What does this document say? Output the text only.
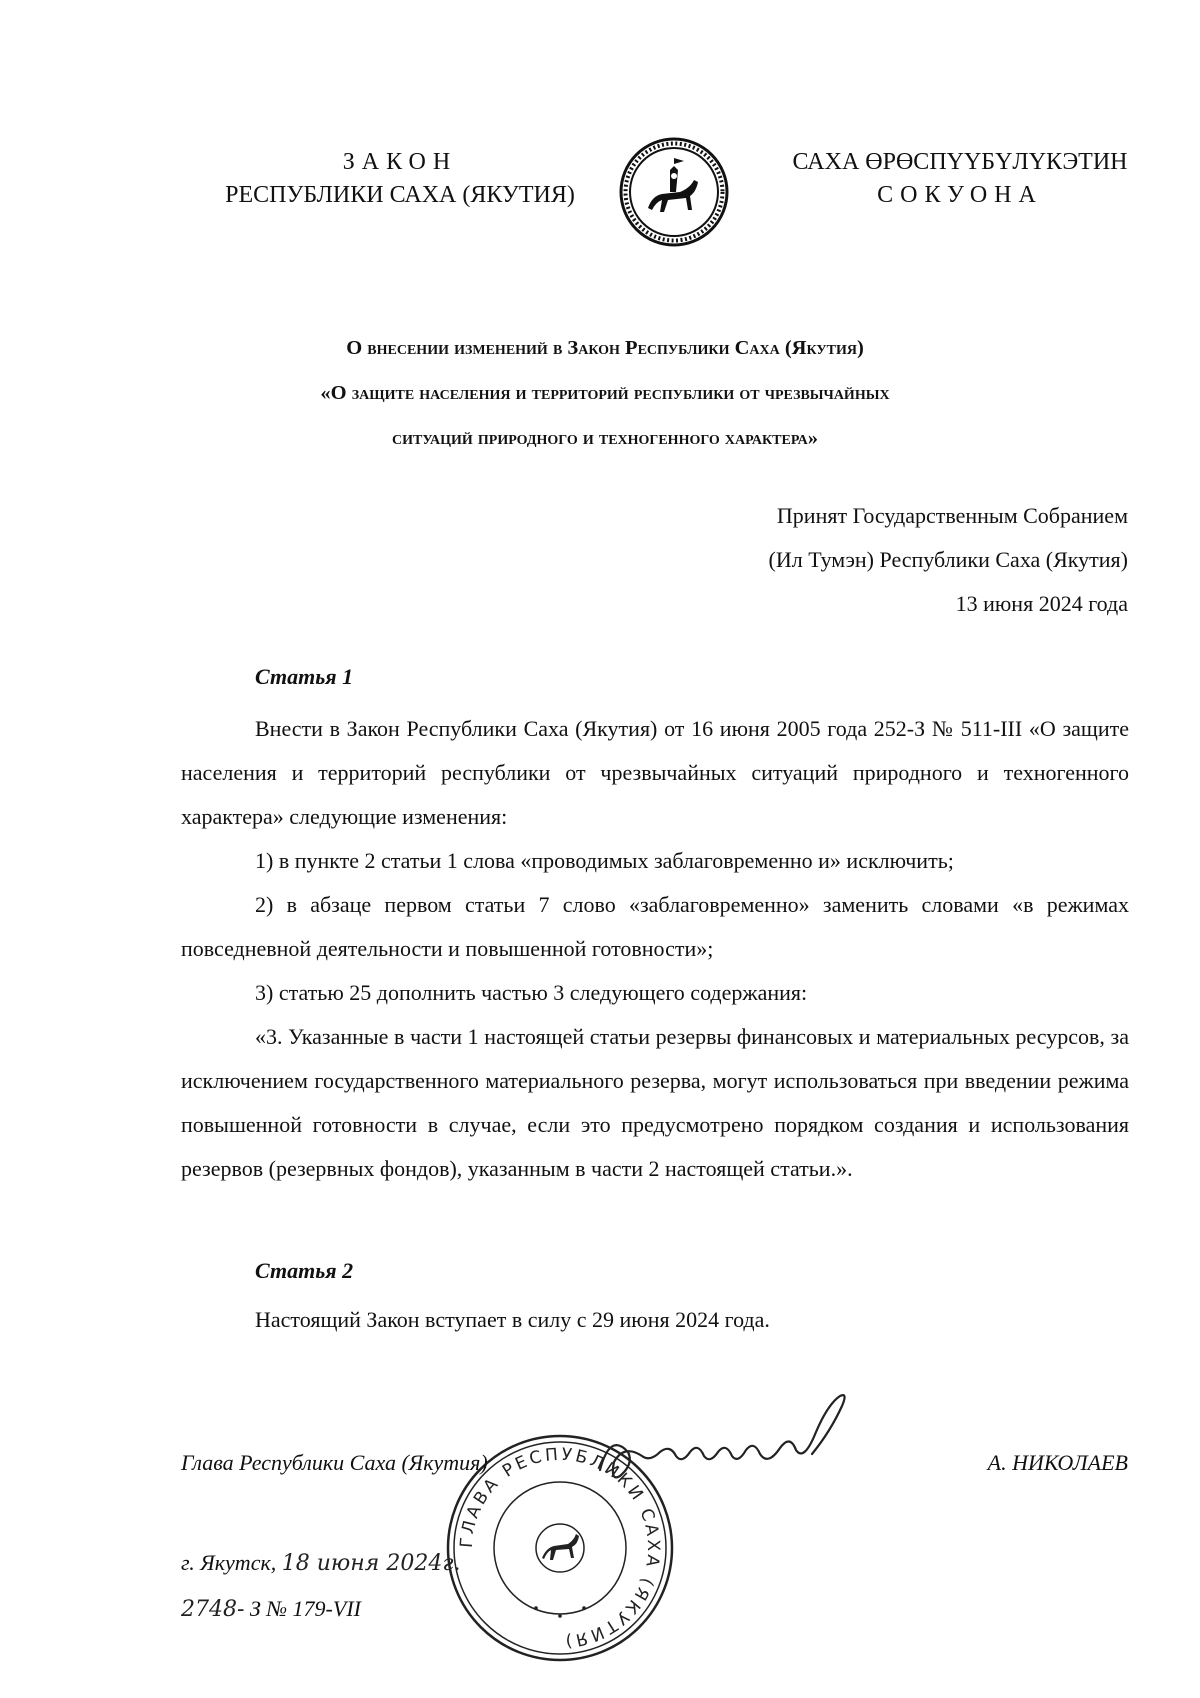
ЗАКОН
РЕСПУБЛИКИ САХА (ЯКУТИЯ)
САХА ӨРӨСПҮҮБҮЛҮКЭТИН
СОКУОНА
О внесении изменений в Закон Республики Саха (Якутия)
«О защите населения и территорий республики от чрезвычайных
ситуаций природного и техногенного характера»
Принят Государственным Собранием
(Ил Тумэн) Республики Саха (Якутия)
13 июня 2024 года
Статья 1

Внести в Закон Республики Саха (Якутия) от 16 июня 2005 года 252-З № 511-III «О защите населения и территорий республики от чрезвычайных ситуаций природного и техногенного характера» следующие изменения:

1) в пункте 2 статьи 1 слова «проводимых заблаговременно и» исключить;

2) в абзаце первом статьи 7 слово «заблаговременно» заменить словами «в режимах повседневной деятельности и повышенной готовности»;

3) статью 25 дополнить частью 3 следующего содержания:

«3. Указанные в части 1 настоящей статьи резервы финансовых и материальных ресурсов, за исключением государственного материального резерва, могут использоваться при введении режима повышенной готовности в случае, если это предусмотрено порядком создания и использования резервов (резервных фондов), указанным в части 2 настоящей статьи.».

Статья 2

Настоящий Закон вступает в силу с 29 июня 2024 года.

ГЛАВА РЕСПУБЛИКИ САХА (ЯКУТИЯ)
Глава Республики Саха (Якутия)	А. НИКОЛАЕВ
г. Якутск, 18 июня 2024г.
2748- З № 179-VII
